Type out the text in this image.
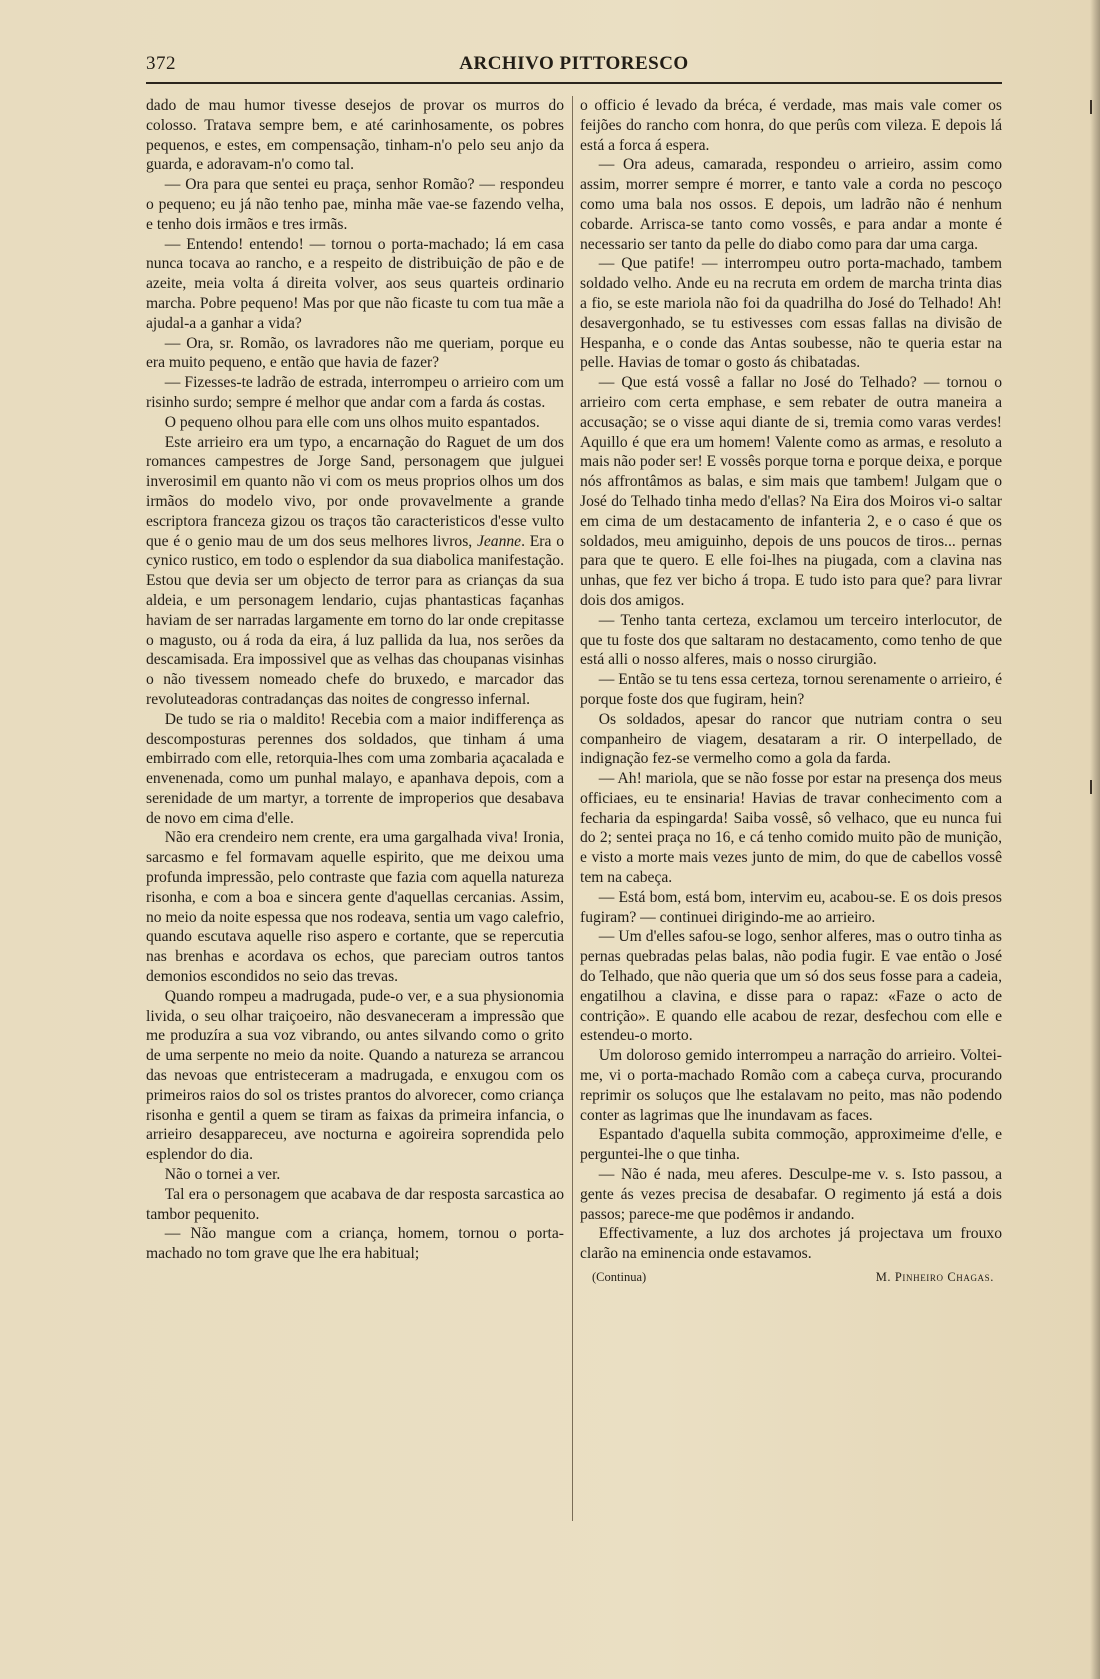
ARCHIVO PITTORESCO
372

dado de mau humor tivesse desejos de provar os murros do colosso. Tratava sempre bem, e até carinhosamente, os pobres pequenos, e estes, em compensação, tinham-n'o pelo seu anjo da guarda, e adoravam-n'o como tal.

— Ora para que sentei eu praça, senhor Romão? — respondeu o pequeno; eu já não tenho pae, minha mãe vae-se fazendo velha, e tenho dois irmãos e tres irmãs.

— Entendo! entendo! — tornou o porta-machado; lá em casa nunca tocava ao rancho, e a respeito de distribuição de pão e de azeite, meia volta á direita volver, aos seus quarteis ordinario marcha. Pobre pequeno! Mas por que não ficaste tu com tua mãe a ajudal-a a ganhar a vida?

— Ora, sr. Romão, os lavradores não me queriam, porque eu era muito pequeno, e então que havia de fazer?

— Fizesses-te ladrão de estrada, interrompeu o arrieiro com um risinho surdo; sempre é melhor que andar com a farda ás costas.

O pequeno olhou para elle com uns olhos muito espantados.

Este arrieiro era um typo, a encarnação do Raguet de um dos romances campestres de Jorge Sand, personagem que julguei inverosimil em quanto não vi com os meus proprios olhos um dos irmãos do modelo vivo, por onde provavelmente a grande escriptora franceza gizou os traços tão caracteristicos d'esse vulto que é o genio mau de um dos seus melhores livros, Jeanne. Era o cynico rustico, em todo o esplendor da sua diabolica manifestação. Estou que devia ser um objecto de terror para as crianças da sua aldeia, e um personagem lendario, cujas phantasticas façanhas haviam de ser narradas largamente em torno do lar onde crepitasse o magusto, ou á roda da eira, á luz pallida da lua, nos serões da descamisada. Era impossivel que as velhas das choupanas visinhas o não tivessem nomeado chefe do bruxedo, e marcador das revoluteadoras contradanças das noites de congresso infernal.

De tudo se ria o maldito! Recebia com a maior indifferença as descomposturas perennes dos soldados, que tinham á uma embirrado com elle, retorquia-lhes com uma zombaria açacalada e envenenada, como um punhal malayo, e apanhava depois, com a serenidade de um martyr, a torrente de improperios que desabava de novo em cima d'elle.

Não era crendeiro nem crente, era uma gargalhada viva! Ironia, sarcasmo e fel formavam aquelle espirito, que me deixou uma profunda impressão, pelo contraste que fazia com aquella natureza risonha, e com a boa e sincera gente d'aquellas cercanias. Assim, no meio da noite espessa que nos rodeava, sentia um vago calefrio, quando escutava aquelle riso aspero e cortante, que se repercutia nas brenhas e acordava os echos, que pareciam outros tantos demonios escondidos no seio das trevas.

Quando rompeu a madrugada, pude-o ver, e a sua physionomia livida, o seu olhar traiçoeiro, não desvaneceram a impressão que me produzíra a sua voz vibrando, ou antes silvando como o grito de uma serpente no meio da noite. Quando a natureza se arrancou das nevoas que entristeceram a madrugada, e enxugou com os primeiros raios do sol os tristes prantos do alvorecer, como criança risonha e gentil a quem se tiram as faixas da primeira infancia, o arrieiro desappareceu, ave nocturna e agoireira soprendida pelo esplendor do dia.

Não o tornei a ver.

Tal era o personagem que acabava de dar resposta sarcastica ao tambor pequenito.

— Não mangue com a criança, homem, tornou o porta-machado no tom grave que lhe era habitual;

o officio é levado da bréca, é verdade, mas mais vale comer os feijões do rancho com honra, do que perûs com vileza. E depois lá está a forca á espera.

— Ora adeus, camarada, respondeu o arrieiro, assim como assim, morrer sempre é morrer, e tanto vale a corda no pescoço como uma bala nos ossos. E depois, um ladrão não é nenhum cobarde. Arrisca-se tanto como vossês, e para andar a monte é necessario ser tanto da pelle do diabo como para dar uma carga.

— Que patife! — interrompeu outro porta-machado, tambem soldado velho. Ande eu na recruta em ordem de marcha trinta dias a fio, se este mariola não foi da quadrilha do José do Telhado! Ah! desavergonhado, se tu estivesses com essas fallas na divisão de Hespanha, e o conde das Antas soubesse, não te queria estar na pelle. Havias de tomar o gosto ás chibatadas.

— Que está vossê a fallar no José do Telhado? — tornou o arrieiro com certa emphase, e sem rebater de outra maneira a accusação; se o visse aqui diante de si, tremia como varas verdes! Aquillo é que era um homem! Valente como as armas, e resoluto a mais não poder ser! E vossês porque torna e porque deixa, e porque nós affrontâmos as balas, e sim mais que tambem! Julgam que o José do Telhado tinha medo d'ellas? Na Eira dos Moiros vi-o saltar em cima de um destacamento de infanteria 2, e o caso é que os soldados, meu amiguinho, depois de uns poucos de tiros... pernas para que te quero. E elle foi-lhes na piugada, com a clavina nas unhas, que fez ver bicho á tropa. E tudo isto para que? para livrar dois dos amigos.

— Tenho tanta certeza, exclamou um terceiro interlocutor, de que tu foste dos que saltaram no destacamento, como tenho de que está alli o nosso alferes, mais o nosso cirurgião.

— Então se tu tens essa certeza, tornou serenamente o arrieiro, é porque foste dos que fugiram, hein?

Os soldados, apesar do rancor que nutriam contra o seu companheiro de viagem, desataram a rir. O interpellado, de indignação fez-se vermelho como a gola da farda.

— Ah! mariola, que se não fosse por estar na presença dos meus officiaes, eu te ensinaria! Havias de travar conhecimento com a fecharia da espingarda! Saiba vossê, sô velhaco, que eu nunca fui do 2; sentei praça no 16, e cá tenho comido muito pão de munição, e visto a morte mais vezes junto de mim, do que de cabellos vossê tem na cabeça.

— Está bom, está bom, intervim eu, acabou-se. E os dois presos fugiram? — continuei dirigindo-me ao arrieiro.

— Um d'elles safou-se logo, senhor alferes, mas o outro tinha as pernas quebradas pelas balas, não podia fugir. E vae então o José do Telhado, que não queria que um só dos seus fosse para a cadeia, engatilhou a clavina, e disse para o rapaz: «Faze o acto de contrição». E quando elle acabou de rezar, desfechou com elle e estendeu-o morto.

Um doloroso gemido interrompeu a narração do arrieiro. Voltei-me, vi o porta-machado Romão com a cabeça curva, procurando reprimir os soluços que lhe estalavam no peito, mas não podendo conter as lagrimas que lhe inundavam as faces.

Espantado d'aquella subita commoção, approximeime d'elle, e perguntei-lhe o que tinha.

— Não é nada, meu aferes. Desculpe-me v. s. Isto passou, a gente ás vezes precisa de desabafar. O regimento já está a dois passos; parece-me que podêmos ir andando.

Effectivamente, a luz dos archotes já projectava um frouxo clarão na eminencia onde estavamos.

(Continua)	M. Pinheiro Chagas.
